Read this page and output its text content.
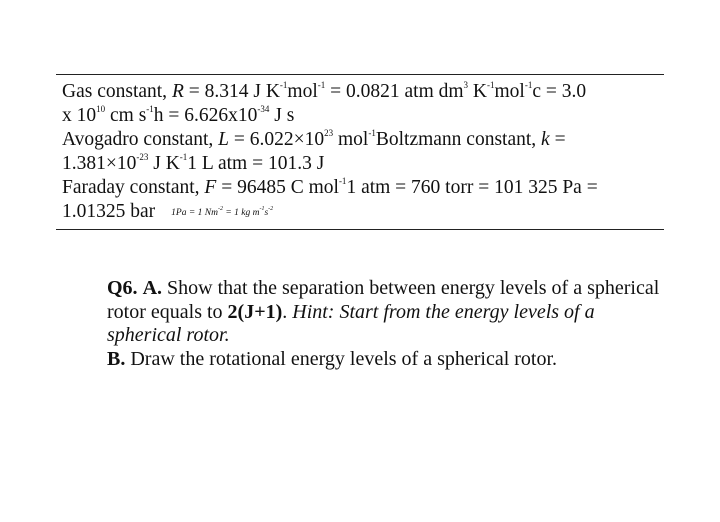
Gas constant, R = 8.314 J $K^{-1}mol^{-1} = 0.0821$ atm $dm^3$ $K^{-1}mol^{-1}c = 3.0$
x $10^{10}$ cm $s^{-1}h = 6.626x10^{-34}$ J s
Avogadro constant, $L = 6.022\times 10^{23}$ mol$^{-1}$Boltzmann constant, k =
$1.381\times 10^{-23}$ J $K^{-1}1$ L atm = 101.3 J
Faraday constant, F = 96485 C mol$^{-1}$1 atm = 760 torr = 101 325 Pa =
1.01325 bar 1Pa = 1 $Nm^{-2} = 1$ kg $m^{-1}s^{-2}$

Q6. A. Show that the separation between energy levels of a spherical rotor equals to 2(J+1). Hint: Start from the energy levels of a spherical rotor.

B. Draw the rotational energy levels of a spherical rotor.
